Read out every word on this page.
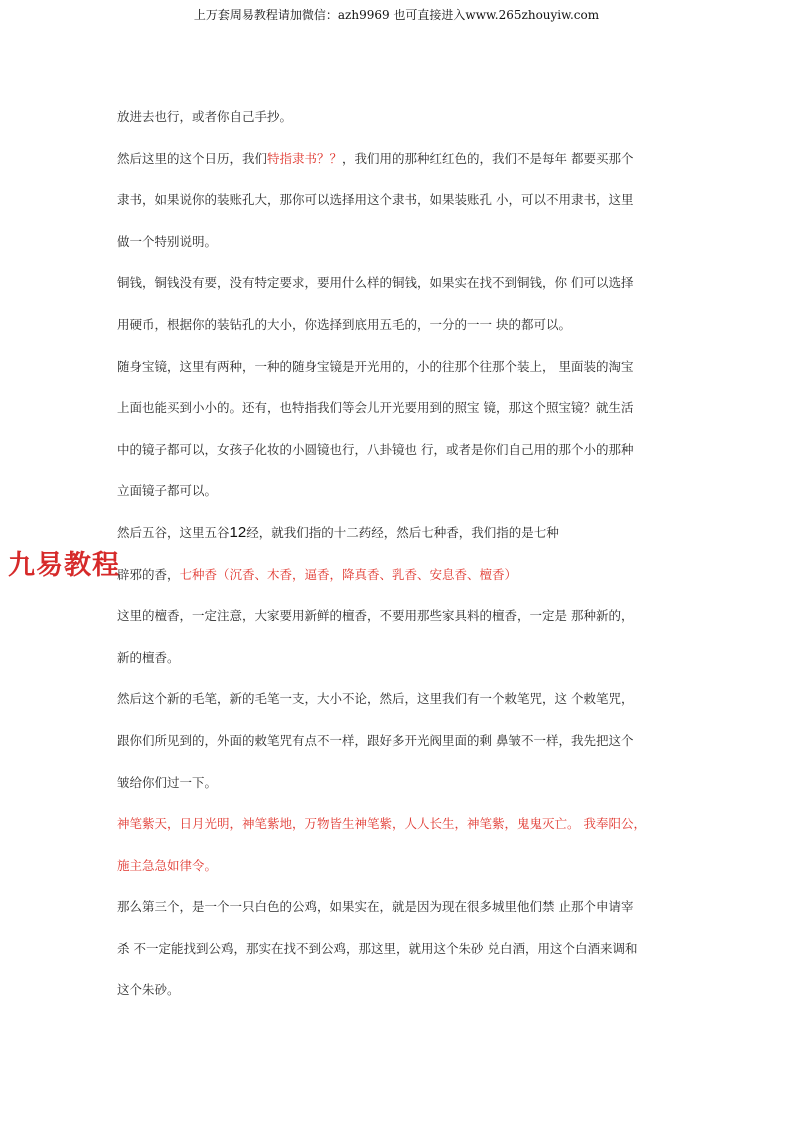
上万套周易教程请加微信：azh9969 也可直接进入www.265zhouyiw.com
九易教程
放进去也行，或者你自己手抄。
然后这里的这个日历，我们特指隶书？？，我们用的那种红红色的，我们不是每年 都要买那个
隶书，如果说你的装账孔大，那你可以选择用这个隶书，如果装账孔 小，可以不用隶书，这里
做一个特别说明。
铜钱，铜钱没有要，没有特定要求，要用什么样的铜钱，如果实在找不到铜钱，你 们可以选择
用硬币，根据你的装钻孔的大小，你选择到底用五毛的，一分的一一 块的都可以。
随身宝镜，这里有两种，一种的随身宝镜是开光用的，小的往那个往那个装上， 里面装的淘宝
上面也能买到小小的。还有，也特指我们等会儿开光要用到的照宝 镜，那这个照宝镜？就生活
中的镜子都可以，女孩子化妆的小圆镜也行，八卦镜也 行，或者是你们自己用的那个小的那种
立面镜子都可以。
然后五谷，这里五谷12经，就我们指的十二药经，然后七种香，我们指的是七种
辟邪的香，七种香（沉香、木香，逼香，降真香、乳香、安息香、檀香）
这里的檀香，一定注意，大家要用新鲜的檀香，不要用那些家具料的檀香，一定是 那种新的，
新的檀香。
然后这个新的毛笔，新的毛笔一支，大小不论，然后，这里我们有一个敕笔咒，这 个敕笔咒，
跟你们所见到的，外面的敕笔咒有点不一样，跟好多开光阀里面的剩 鼻皱不一样，我先把这个
皱给你们过一下。
神笔紫天，日月光明，神笔紫地，万物皆生神笔紫，人人长生，神笔紫，鬼鬼灭亡。 我奉阳公，
施主急急如律令。
那么第三个，是一个一只白色的公鸡，如果实在，就是因为现在很多城里他们禁 止那个申请宰
杀 不一定能找到公鸡，那实在找不到公鸡，那这里，就用这个朱砂 兑白酒，用这个白酒来调和
这个朱砂。
